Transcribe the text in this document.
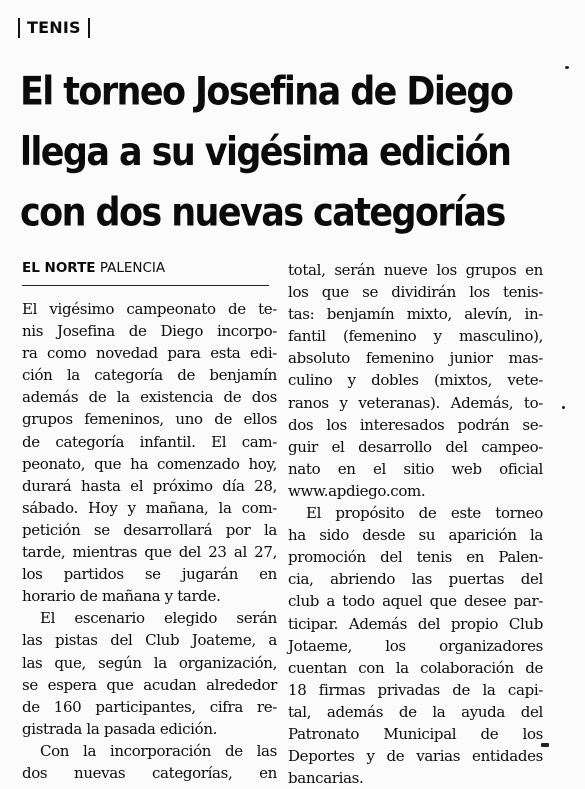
TENIS
El torneo Josefina de Diego
llega a su vigésima edición
con dos nuevas categorías
EL NORTE PALENCIA
El vigésimo campeonato de te-
nis Josefina de Diego incorpo-
ra como novedad para esta edi-
ción la categoría de benjamín
además de la existencia de dos
grupos femeninos, uno de ellos
de categoría infantil. El cam-
peonato, que ha comenzado hoy,
durará hasta el próximo día 28,
sábado. Hoy y mañana, la com-
petición se desarrollará por la
tarde, mientras que del 23 al 27,
los partidos se jugarán en
horario de mañana y tarde.
El escenario elegido serán
las pistas del Club Joateme, a
las que, según la organización,
se espera que acudan alrededor
de 160 participantes, cifra re-
gistrada la pasada edición.
Con la incorporación de las
dos nuevas categorías, en
total, serán nueve los grupos en
los que se dividirán los tenis-
tas: benjamín mixto, alevín, in-
fantil (femenino y masculino),
absoluto femenino junior mas-
culino y dobles (mixtos, vete-
ranos y veteranas). Además, to-
dos los interesados podrán se-
guir el desarrollo del campeo-
nato en el sitio web oficial
www.apdiego.com.
El propósito de este torneo
ha sido desde su aparición la
promoción del tenis en Palen-
cia, abriendo las puertas del
club a todo aquel que desee par-
ticipar. Además del propio Club
Jotaeme, los organizadores
cuentan con la colaboración de
18 firmas privadas de la capi-
tal, además de la ayuda del
Patronato Municipal de los
Deportes y de varias entidades
bancarias.
